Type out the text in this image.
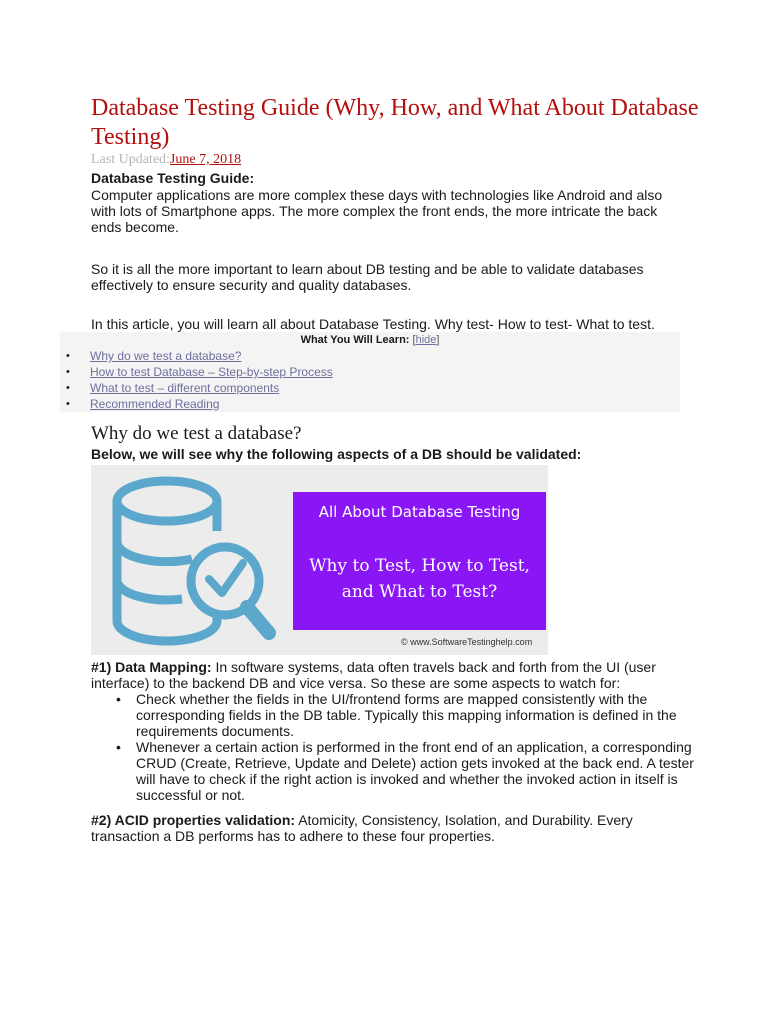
Database Testing Guide (Why, How, and What About Database Testing)
Last Updated:June 7, 2018

Database Testing Guide:

Computer applications are more complex these days with technologies like Android and also with lots of Smartphone apps. The more complex the front ends, the more intricate the back ends become.

So it is all the more important to learn about DB testing and be able to validate databases effectively to ensure security and quality databases.

In this article, you will learn all about Database Testing. Why test- How to test- What to test.

What You Will Learn: [hide]
• Why do we test a database?
• How to test Database – Step-by-step Process
• What to test – different components
• Recommended Reading
Why do we test a database?

Below, we will see why the following aspects of a DB should be validated:

All About Database Testing
Why to Test, How to Test,
and What to Test?
© www.SoftwareTestinghelp.com

#1) Data Mapping: In software systems, data often travels back and forth from the UI (user interface) to the backend DB and vice versa. So these are some aspects to watch for:

• Check whether the fields in the UI/frontend forms are mapped consistently with the corresponding fields in the DB table. Typically this mapping information is defined in the requirements documents.
• Whenever a certain action is performed in the front end of an application, a corresponding CRUD (Create, Retrieve, Update and Delete) action gets invoked at the back end. A tester will have to check if the right action is invoked and whether the invoked action in itself is successful or not.

#2) ACID properties validation: Atomicity, Consistency, Isolation, and Durability. Every transaction a DB performs has to adhere to these four properties.
